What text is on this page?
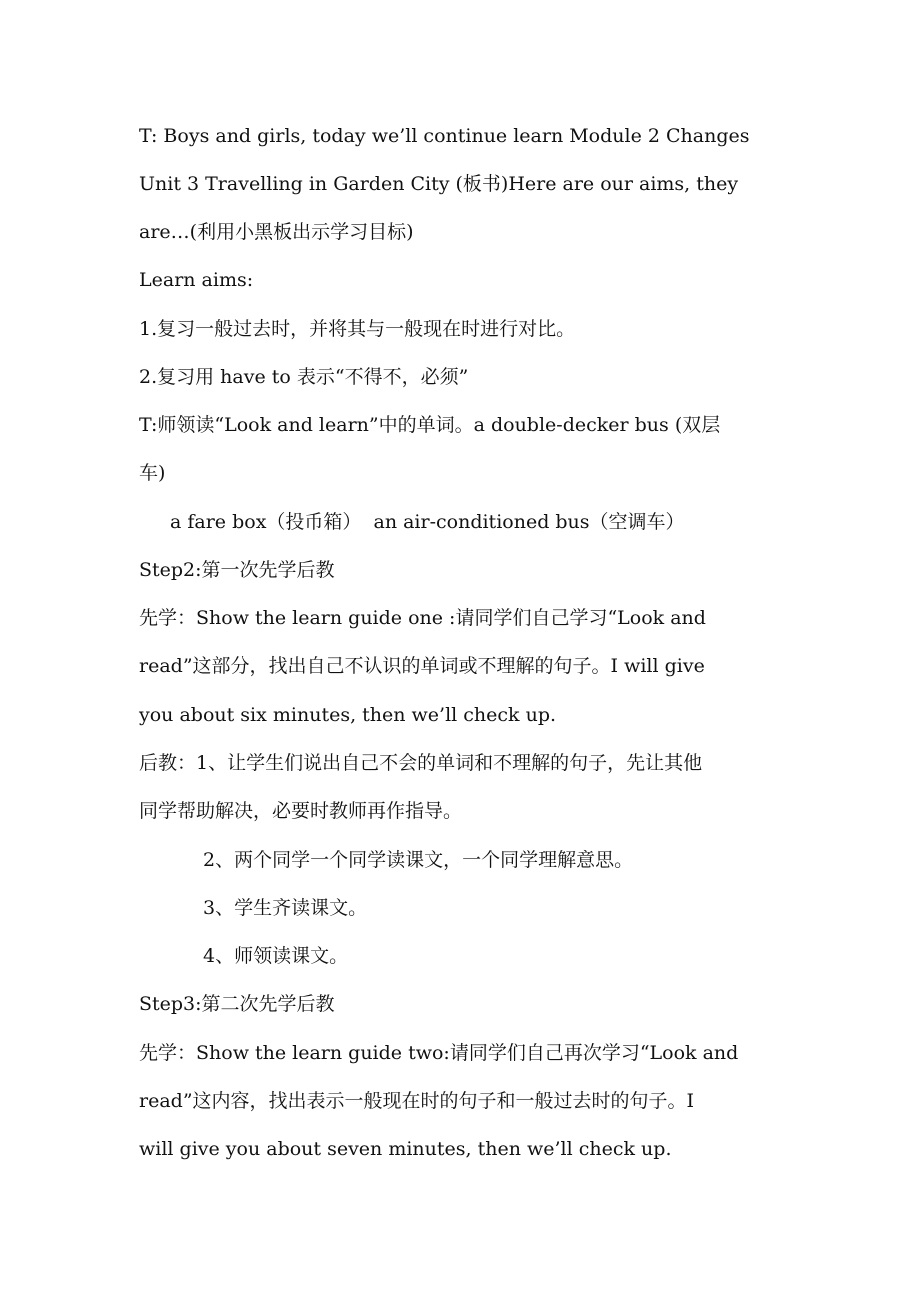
T: Boys and girls, today we’ll continue learn Module 2 Changes
Unit 3 Travelling in Garden City (板书)Here are our aims, they
are…(利用小黑板出示学习目标)
Learn aims:
1.复习一般过去时，并将其与一般现在时进行对比。
2.复习用 have to 表示“不得不，必须”
T:师领读“Look and learn”中的单词。a double-decker bus (双层
车)
a fare box（投币箱）  an air-conditioned bus（空调车）
Step2:第一次先学后教
先学：Show the learn guide one :请同学们自己学习“Look and
read”这部分，找出自己不认识的单词或不理解的句子。I will give
you about six minutes, then we’ll check up.
后教：1、让学生们说出自己不会的单词和不理解的句子，先让其他
同学帮助解决，必要时教师再作指导。
2、两个同学一个同学读课文，一个同学理解意思。
3、学生齐读课文。
4、师领读课文。
Step3:第二次先学后教
先学：Show the learn guide two:请同学们自己再次学习“Look and
read”这内容，找出表示一般现在时的句子和一般过去时的句子。I
will give you about seven minutes, then we’ll check up.
